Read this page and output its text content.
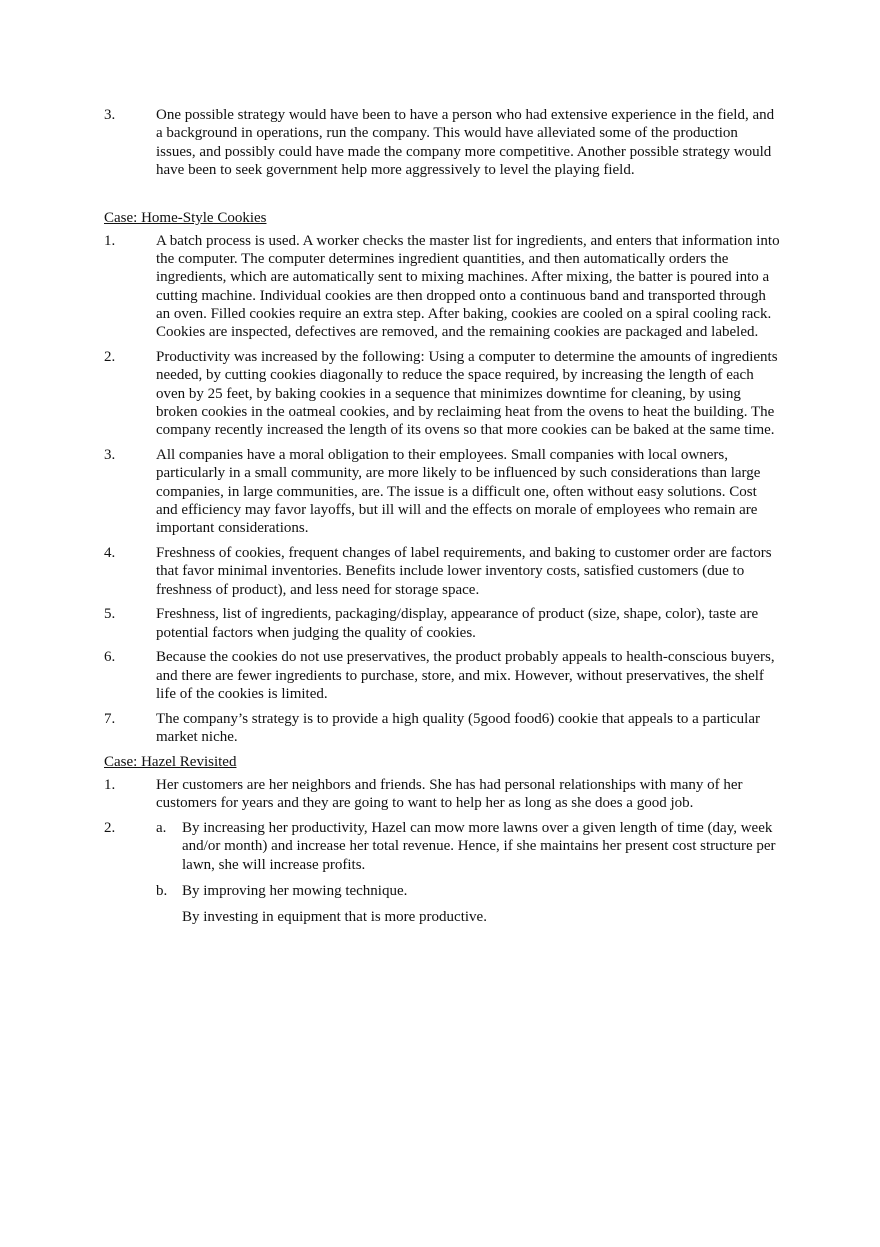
3.	One possible strategy would have been to have a person who had extensive experience in the field, and a background in operations, run the company. This would have alleviated some of the production issues, and possibly could have made the company more competitive. Another possible strategy would have been to seek government help more aggressively to level the playing field.
Case: Home-Style Cookies
1.	A batch process is used. A worker checks the master list for ingredients, and enters that information into the computer. The computer determines ingredient quantities, and then automatically orders the ingredients, which are automatically sent to mixing machines. After mixing, the batter is poured into a cutting machine. Individual cookies are then dropped onto a continuous band and transported through an oven. Filled cookies require an extra step. After baking, cookies are cooled on a spiral cooling rack. Cookies are inspected, defectives are removed, and the remaining cookies are packaged and labeled.
2.	Productivity was increased by the following: Using a computer to determine the amounts of ingredients needed, by cutting cookies diagonally to reduce the space required, by increasing the length of each oven by 25 feet, by baking cookies in a sequence that minimizes downtime for cleaning, by using broken cookies in the oatmeal cookies, and by reclaiming heat from the ovens to heat the building. The company recently increased the length of its ovens so that more cookies can be baked at the same time.
3.	All companies have a moral obligation to their employees. Small companies with local owners, particularly in a small community, are more likely to be influenced by such considerations than large companies, in large communities, are. The issue is a difficult one, often without easy solutions. Cost and efficiency may favor layoffs, but ill will and the effects on morale of employees who remain are important considerations.
4.	Freshness of cookies, frequent changes of label requirements, and baking to customer order are factors that favor minimal inventories. Benefits include lower inventory costs, satisfied customers (due to freshness of product), and less need for storage space.
5.	Freshness, list of ingredients, packaging/display, appearance of product (size, shape, color), taste are potential factors when judging the quality of cookies.
6.	Because the cookies do not use preservatives, the product probably appeals to health-conscious buyers, and there are fewer ingredients to purchase, store, and mix. However, without preservatives, the shelf life of the cookies is limited.
7.	The company’s strategy is to provide a high quality (5good food6) cookie that appeals to a particular market niche.
Case: Hazel Revisited
1.	Her customers are her neighbors and friends. She has had personal relationships with many of her customers for years and they are going to want to help her as long as she does a good job.
2.	a.	By increasing her productivity, Hazel can mow more lawns over a given length of time (day, week and/or month) and increase her total revenue. Hence, if she maintains her present cost structure per lawn, she will increase profits.
b. By improving her mowing technique.
By investing in equipment that is more productive.
